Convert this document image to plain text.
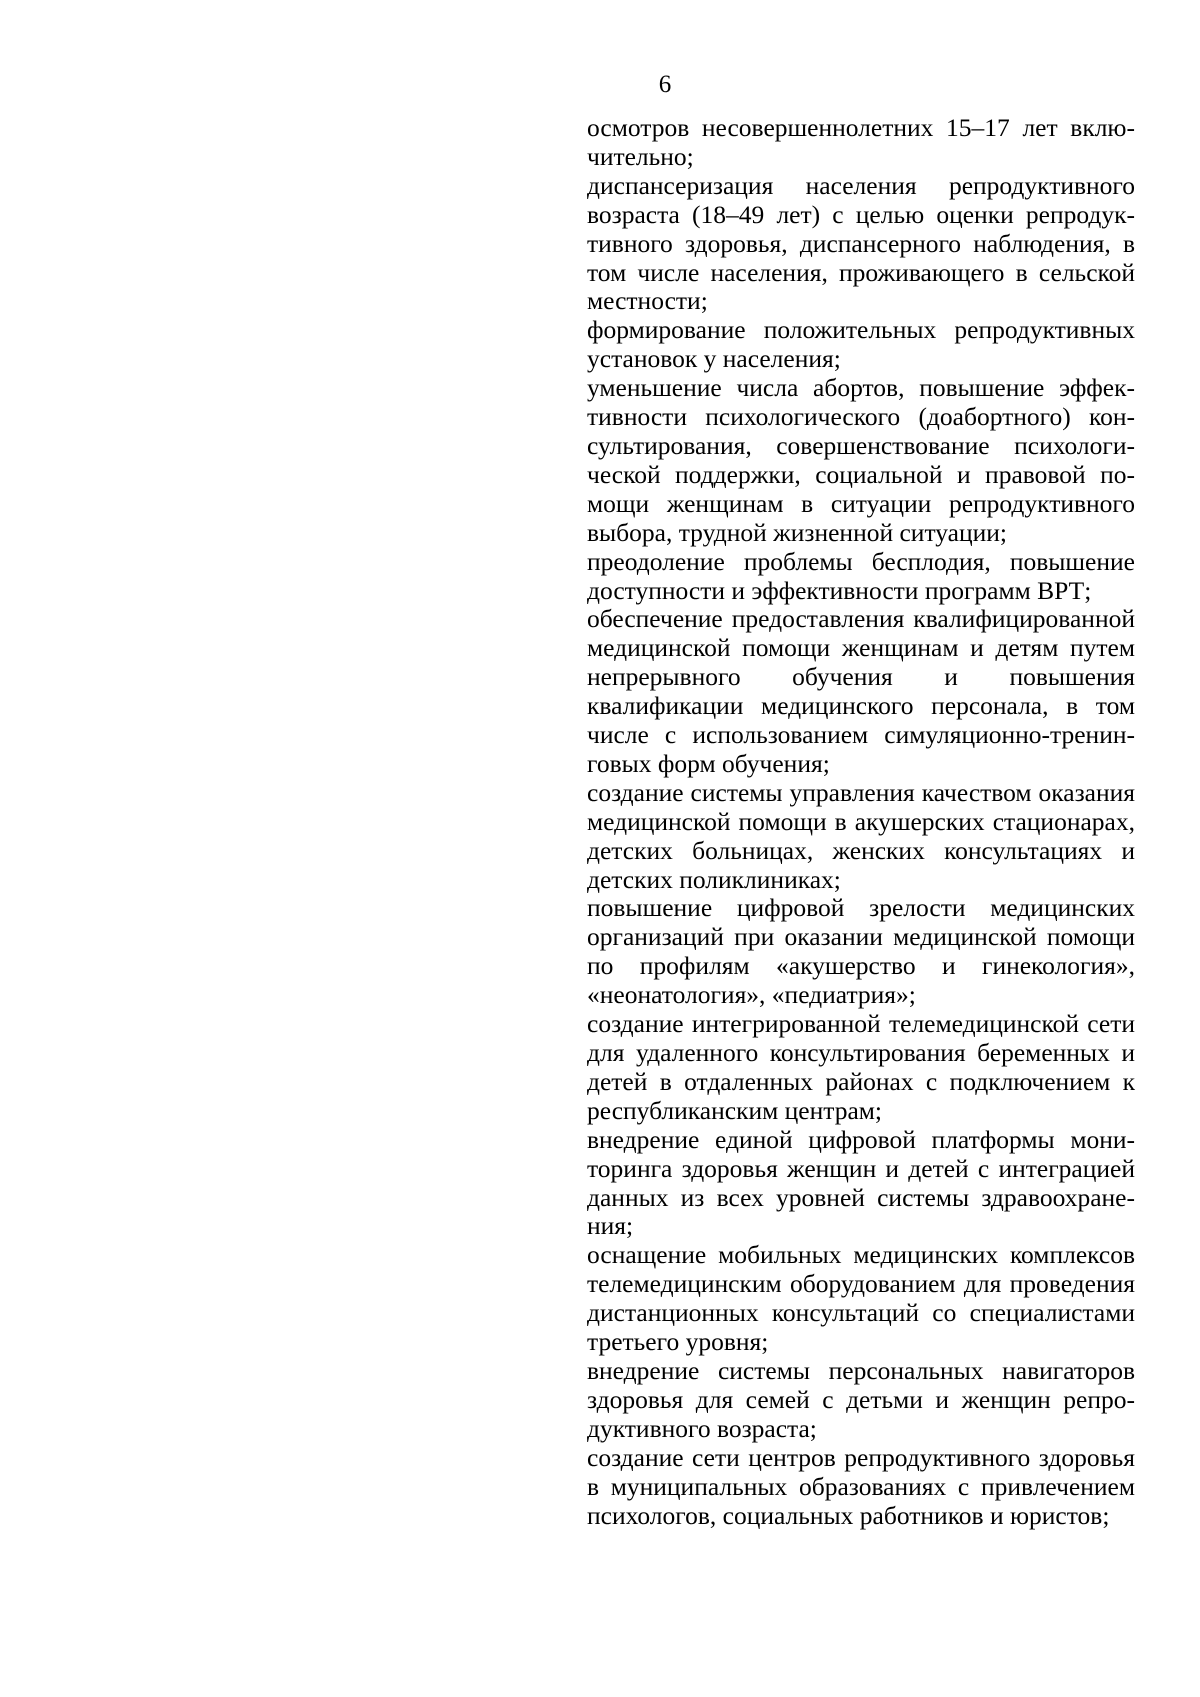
6

осмотров несовершеннолетних 15–17 лет включительно;

диспансеризация населения репродуктивного возраста (18–49 лет) с целью оценки репродуктивного здоровья, диспансерного наблюдения, в том числе населения, проживающего в сельской местности;

формирование положительных репродуктивных установок у населения;

уменьшение числа абортов, повышение эффективности психологического (доабортного) консультирования, совершенствование психологической поддержки, социальной и правовой помощи женщинам в ситуации репродуктивного выбора, трудной жизненной ситуации;

преодоление проблемы бесплодия, повышение доступности и эффективности программ ВРТ;

обеспечение предоставления квалифицированной медицинской помощи женщинам и детям путем непрерывного обучения и повышения квалификации медицинского персонала, в том числе с использованием симуляционно-тренинговых форм обучения;

создание системы управления качеством оказания медицинской помощи в акушерских стационарах, детских больницах, женских консультациях и детских поликлиниках;

повышение цифровой зрелости медицинских организаций при оказании медицинской помощи по профилям «акушерство и гинекология», «неонатология», «педиатрия»;

создание интегрированной телемедицинской сети для удаленного консультирования беременных и детей в отдаленных районах с подключением к республиканским центрам;

внедрение единой цифровой платформы мониторинга здоровья женщин и детей с интеграцией данных из всех уровней системы здравоохранения;

оснащение мобильных медицинских комплексов телемедицинским оборудованием для проведения дистанционных консультаций со специалистами третьего уровня;

внедрение системы персональных навигаторов здоровья для семей с детьми и женщин репродуктивного возраста;

создание сети центров репродуктивного здоровья в муниципальных образованиях с привлечением психологов, социальных работников и юристов;
